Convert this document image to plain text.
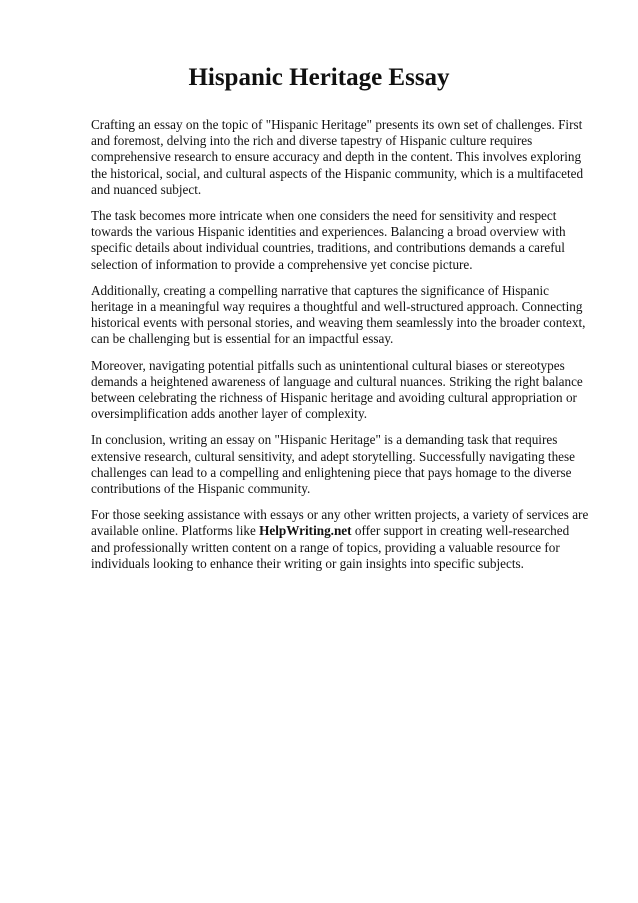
Hispanic Heritage Essay

Crafting an essay on the topic of "Hispanic Heritage" presents its own set of challenges. First and foremost, delving into the rich and diverse tapestry of Hispanic culture requires comprehensive research to ensure accuracy and depth in the content. This involves exploring the historical, social, and cultural aspects of the Hispanic community, which is a multifaceted and nuanced subject.

The task becomes more intricate when one considers the need for sensitivity and respect towards the various Hispanic identities and experiences. Balancing a broad overview with specific details about individual countries, traditions, and contributions demands a careful selection of information to provide a comprehensive yet concise picture.

Additionally, creating a compelling narrative that captures the significance of Hispanic heritage in a meaningful way requires a thoughtful and well-structured approach. Connecting historical events with personal stories, and weaving them seamlessly into the broader context, can be challenging but is essential for an impactful essay.

Moreover, navigating potential pitfalls such as unintentional cultural biases or stereotypes demands a heightened awareness of language and cultural nuances. Striking the right balance between celebrating the richness of Hispanic heritage and avoiding cultural appropriation or oversimplification adds another layer of complexity.

In conclusion, writing an essay on "Hispanic Heritage" is a demanding task that requires extensive research, cultural sensitivity, and adept storytelling. Successfully navigating these challenges can lead to a compelling and enlightening piece that pays homage to the diverse contributions of the Hispanic community.

For those seeking assistance with essays or any other written projects, a variety of services are available online. Platforms like HelpWriting.net offer support in creating well-researched and professionally written content on a range of topics, providing a valuable resource for individuals looking to enhance their writing or gain insights into specific subjects.
